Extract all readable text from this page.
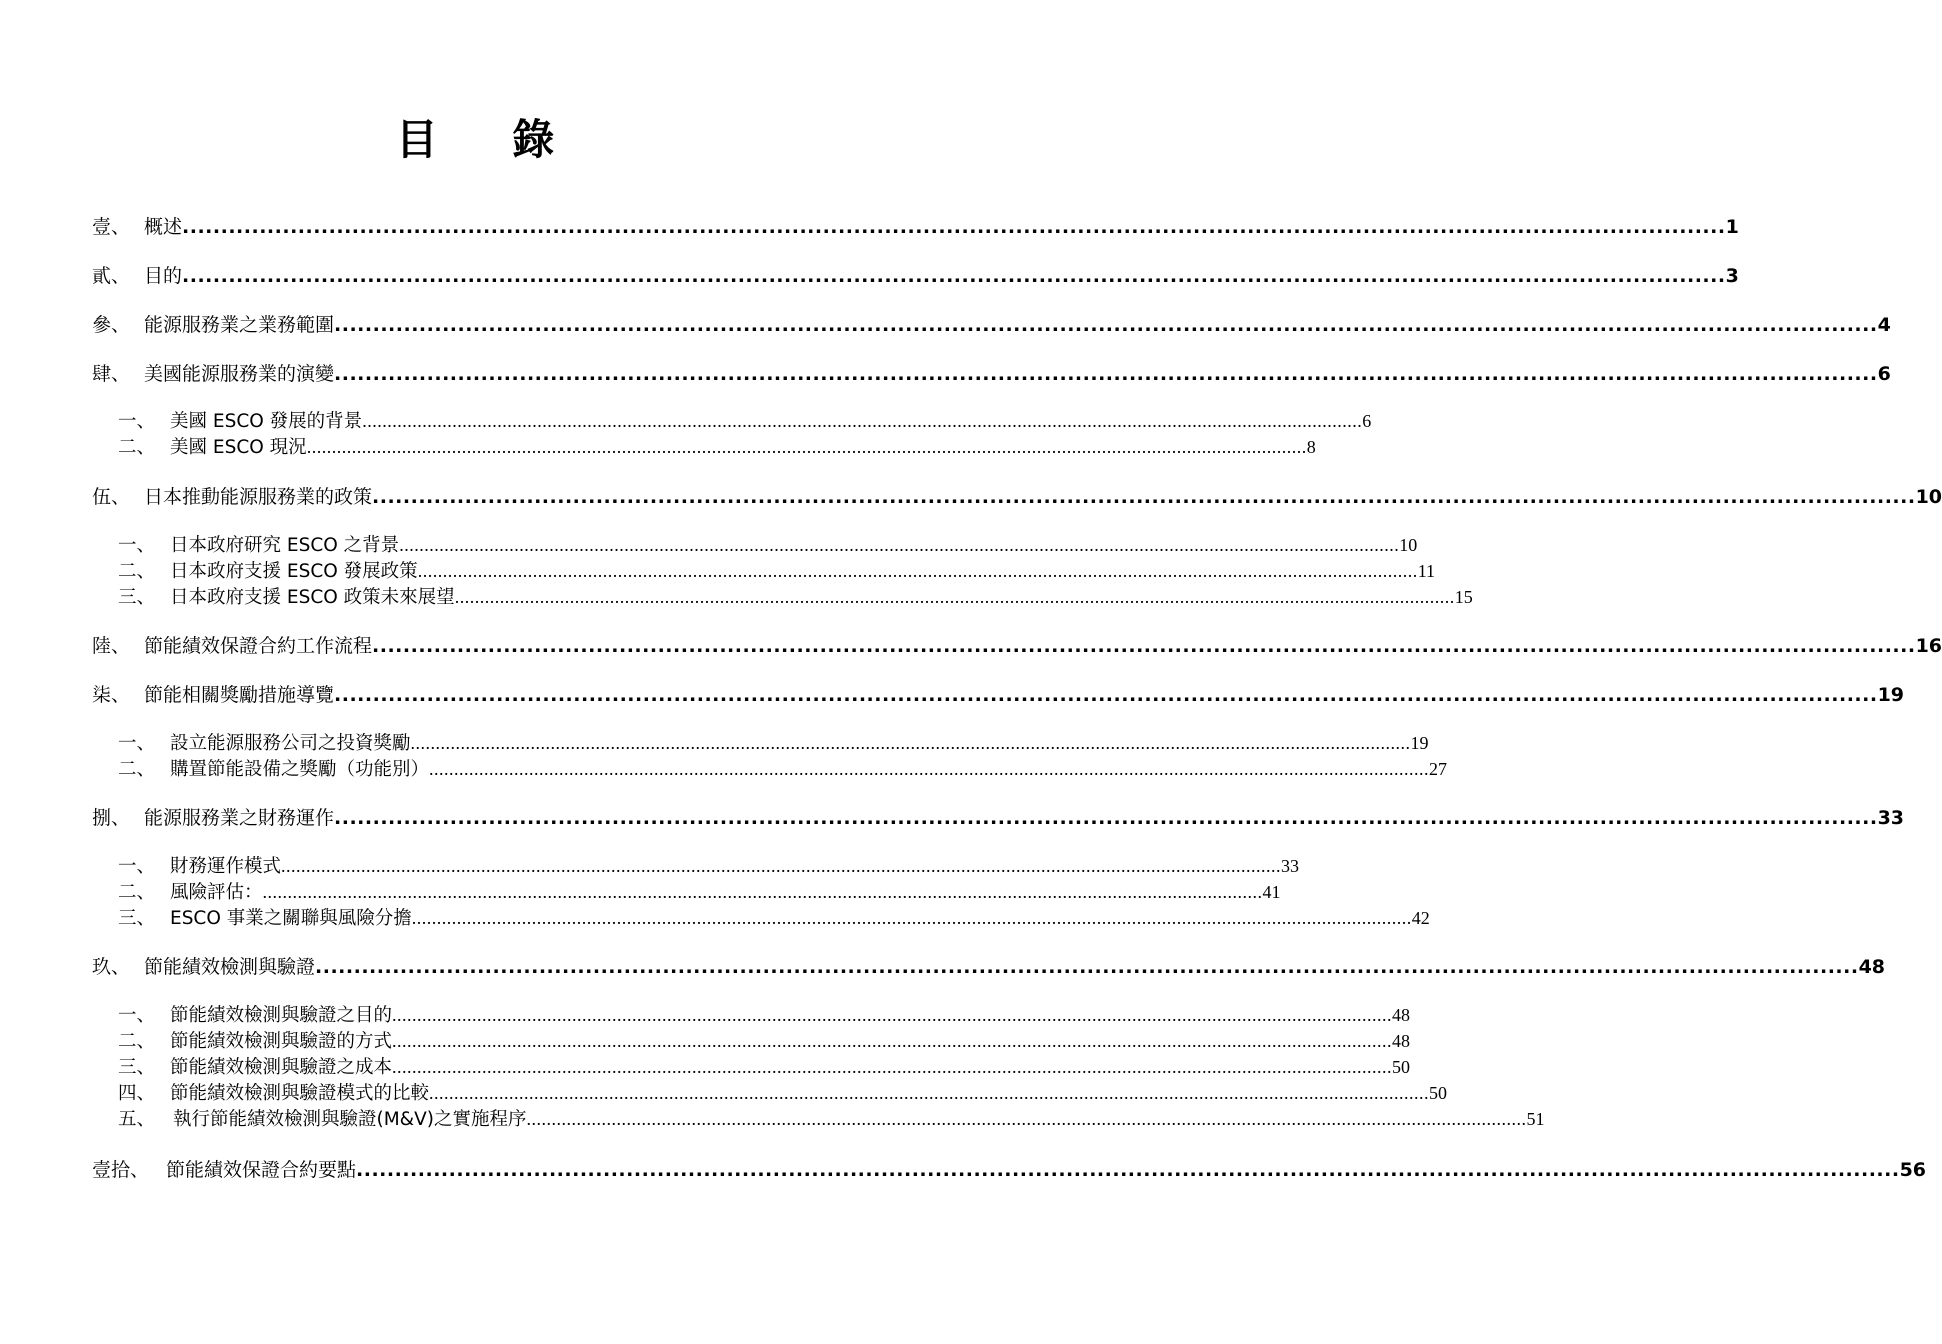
目 錄
壹、 概述 ........................................................................................................................................................................................................ 1
貳、 目的 ........................................................................................................................................................................................................ 3
參、 能源服務業之業務範圍 ........................................................................................................................................................................................................ 4
肆、 美國能源服務業的演變 ........................................................................................................................................................................................................ 6
一、 美國 ESCO 發展的背景 ........................................................................................................................................................................................................ 6
二、 美國 ESCO 現況 ........................................................................................................................................................................................................ 8
伍、 日本推動能源服務業的政策 ........................................................................................................................................................................................................ 10
一、 日本政府研究 ESCO 之背景 ........................................................................................................................................................................................................ 10
二、 日本政府支援 ESCO 發展政策 ........................................................................................................................................................................................................ 11
三、 日本政府支援 ESCO 政策未來展望 ........................................................................................................................................................................................................ 15
陸、 節能績效保證合約工作流程 ........................................................................................................................................................................................................ 16
柒、 節能相關獎勵措施導覽 ........................................................................................................................................................................................................ 19
一、 設立能源服務公司之投資獎勵 ........................................................................................................................................................................................................ 19
二、 購置節能設備之獎勵（功能別） ........................................................................................................................................................................................................ 27
捌、 能源服務業之財務運作 ........................................................................................................................................................................................................ 33
一、 財務運作模式 ........................................................................................................................................................................................................ 33
二、 風險評估： ........................................................................................................................................................................................................ 41
三、 ESCO 事業之關聯與風險分擔 ........................................................................................................................................................................................................ 42
玖、 節能績效檢測與驗證 ........................................................................................................................................................................................................ 48
一、 節能績效檢測與驗證之目的 ........................................................................................................................................................................................................ 48
二、 節能績效檢測與驗證的方式 ........................................................................................................................................................................................................ 48
三、 節能績效檢測與驗證之成本 ........................................................................................................................................................................................................ 50
四、 節能績效檢測與驗證模式的比較 ........................................................................................................................................................................................................ 50
五、 執行節能績效檢測與驗證(M&V)之實施程序 ........................................................................................................................................................................................................ 51
壹拾、 節能績效保證合約要點 ........................................................................................................................................................................................................ 56
